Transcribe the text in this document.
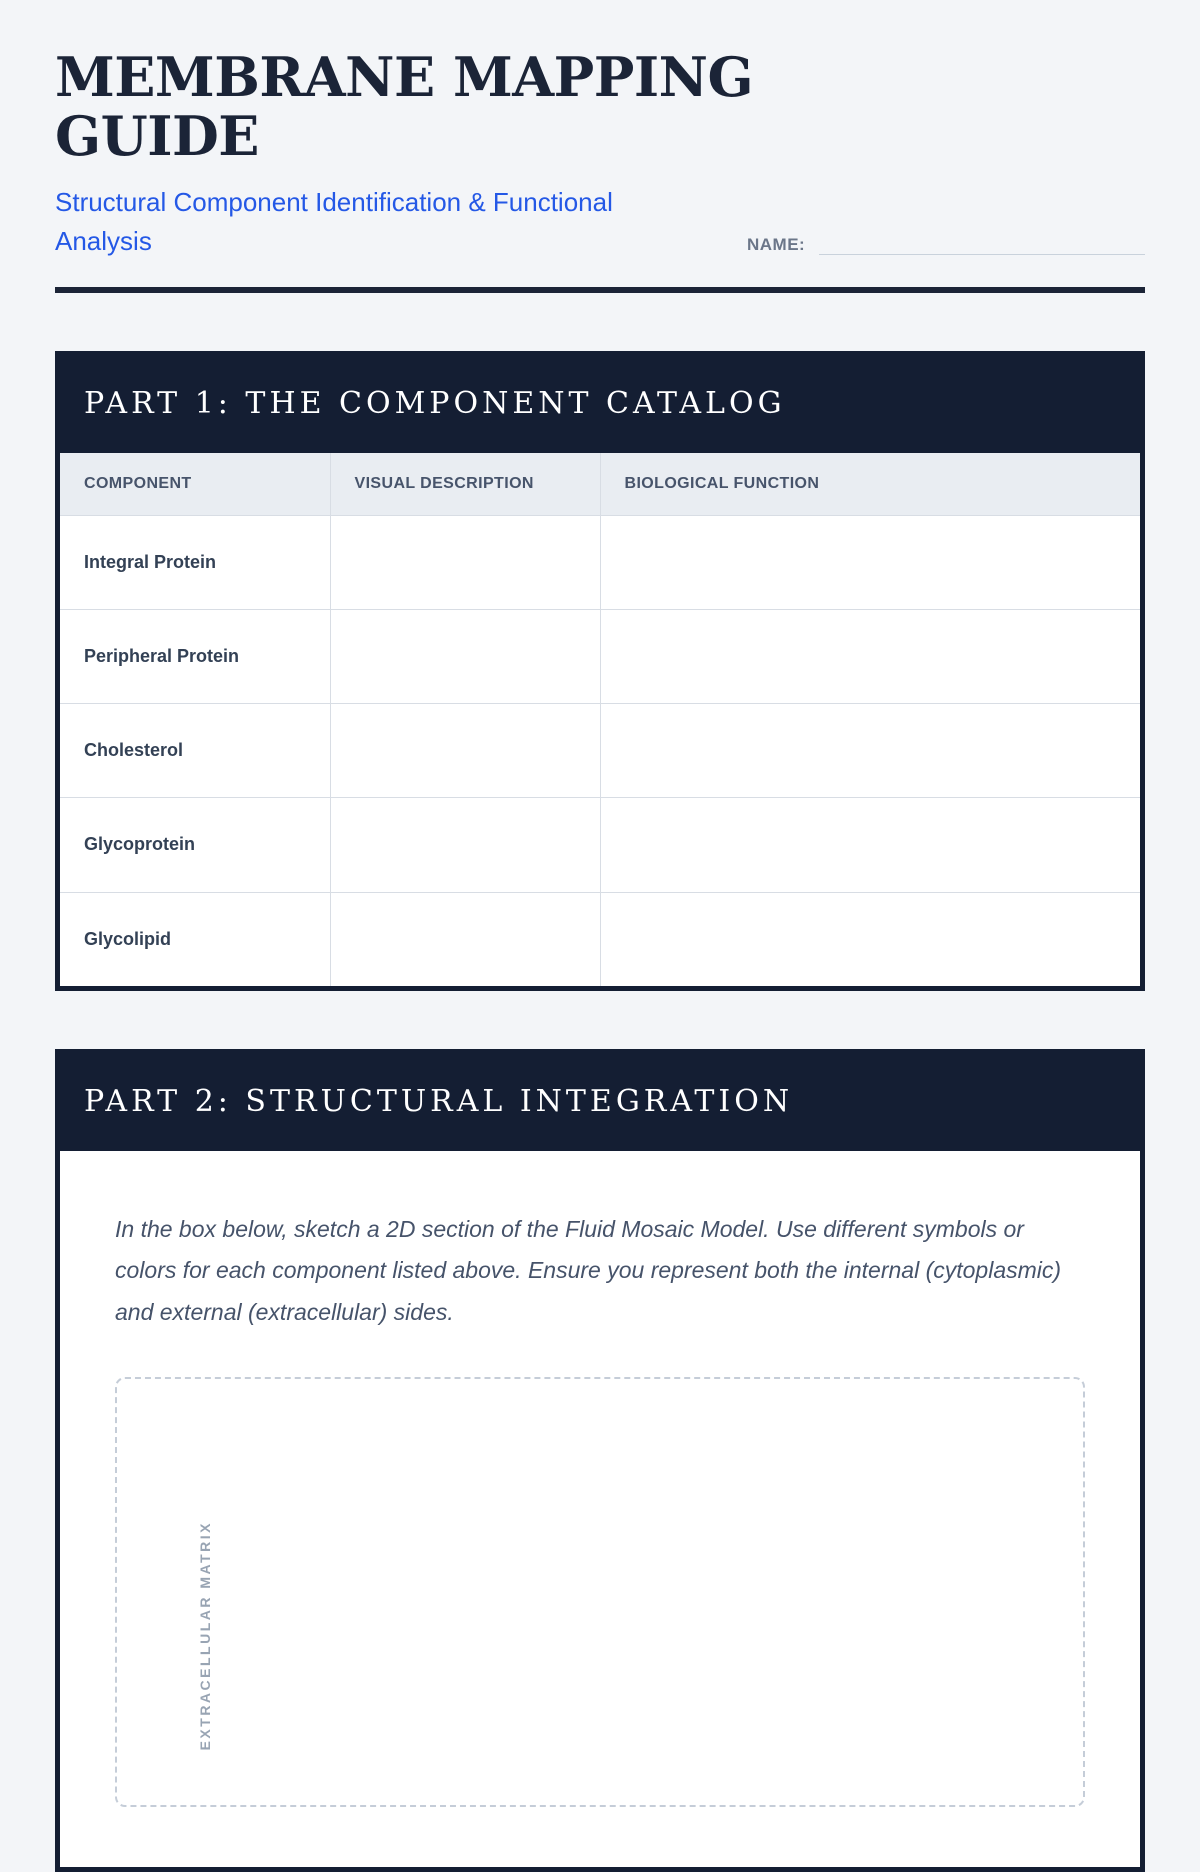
MEMBRANE MAPPING GUIDE
Structural Component Identification & Functional Analysis	NAME:
PART 1: THE COMPONENT CATALOG
COMPONENT	VISUAL DESCRIPTION	BIOLOGICAL FUNCTION
Integral Protein		
Peripheral Protein		
Cholesterol		
Glycoprotein		
Glycolipid		
PART 2: STRUCTURAL INTEGRATION

In the box below, sketch a 2D section of the Fluid Mosaic Model. Use different symbols or colors for each component listed above. Ensure you represent both the internal (cytoplasmic) and external (extracellular) sides.

EXTRACELLULAR MATRIX
